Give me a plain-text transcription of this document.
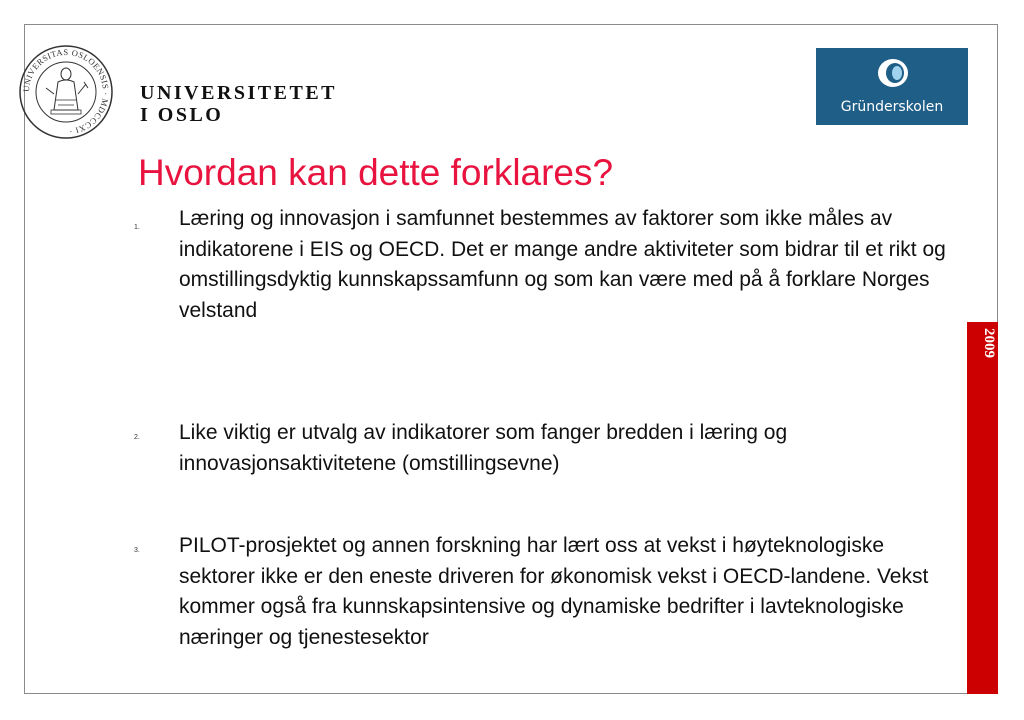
UNIVERSITAS OSLOENSIS · MDCCCXI ·
UNIVERSITETET
I OSLO	Gründerskolen
Hvordan kan dette forklares?
1. Læring og innovasjon i samfunnet bestemmes av faktorer som ikke måles av indikatorene i EIS og OECD. Det er mange andre aktiviteter som bidrar til et rikt og omstillingsdyktig kunnskapssamfunn og som kan være med på å forklare Norges velstand
2. Like viktig er utvalg av indikatorer som fanger bredden i læring og innovasjonsaktivitetene (omstillingsevne)
3. PILOT-prosjektet og annen forskning har lært oss at vekst i høyteknologiske sektorer ikke er den eneste driveren for økonomisk vekst i OECD-landene. Vekst kommer også fra kunnskapsintensive og dynamiske bedrifter i lavteknologiske næringer og tjenestesektor
2009
